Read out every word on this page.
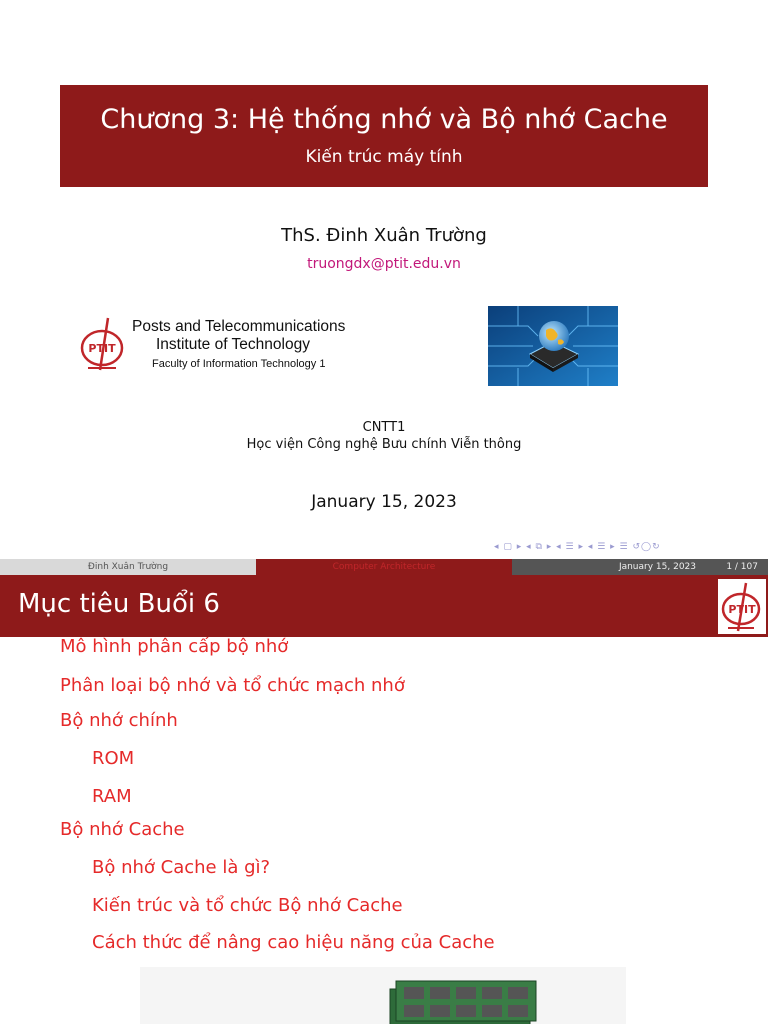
Chương 3: Hệ thống nhớ và Bộ nhớ Cache
Kiến trúc máy tính
ThS. Đinh Xuân Trường
truongdx@ptit.edu.vn
PTIT
Posts and Telecommunications
Institute of Technology
Faculty of Information Technology 1
CNTT1
Học viện Công nghệ Bưu chính Viễn thông
January 15, 2023
◂ ▢ ▸ ◂ ⧉ ▸ ◂ ☰ ▸ ◂ ☰ ▸ ☰ ↺◯↻
Đinh Xuân Trường	Computer Architecture	January 15, 2023	1 / 107
Mục tiêu Buổi 6	PTIT
Mô hình phân cấp bộ nhớ
Phân loại bộ nhớ và tổ chức mạch nhớ
Bộ nhớ chính
ROM
RAM
Bộ nhớ Cache
Bộ nhớ Cache là gì?
Kiến trúc và tổ chức Bộ nhớ Cache
Cách thức để nâng cao hiệu năng của Cache
